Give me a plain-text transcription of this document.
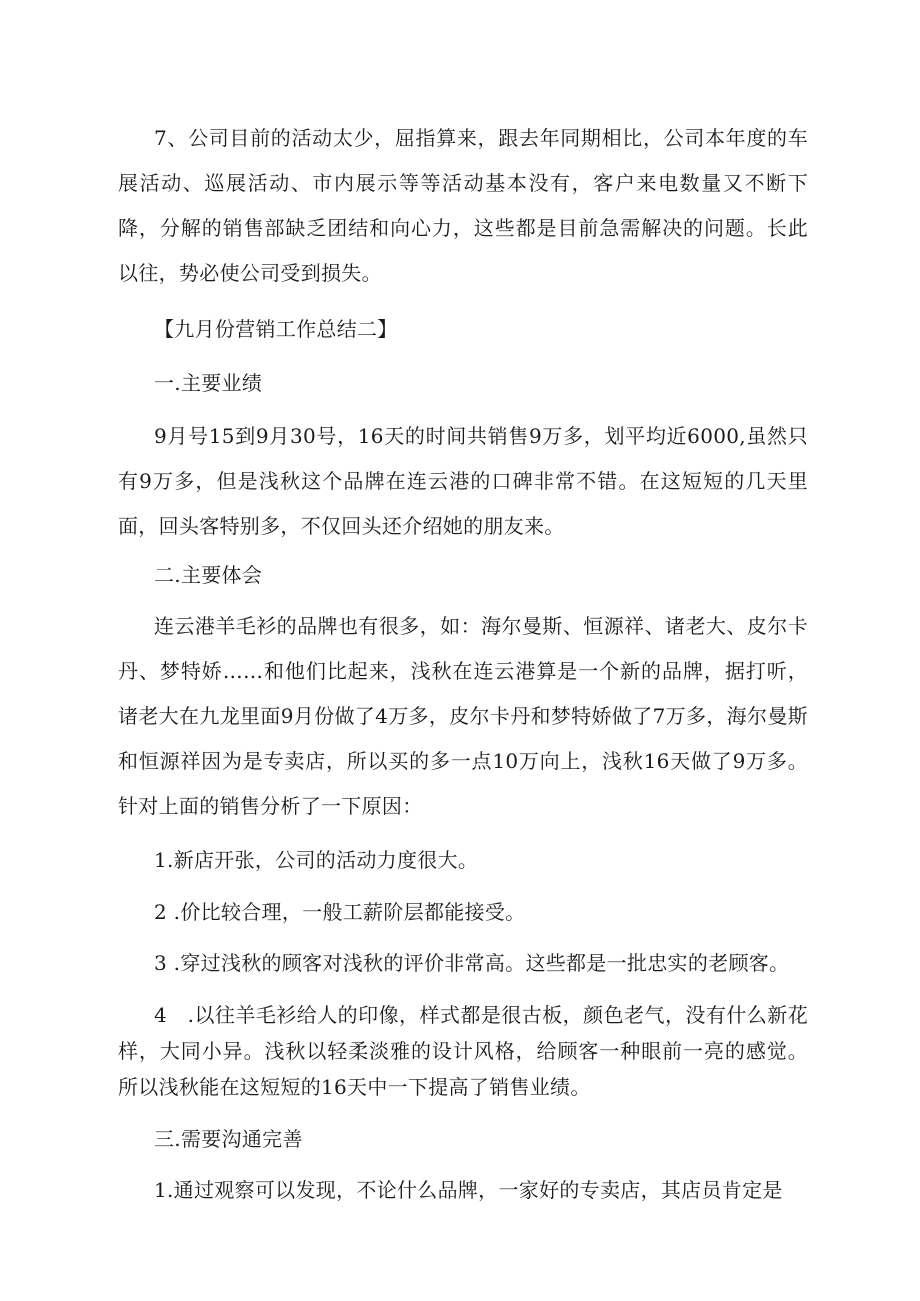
7、公司目前的活动太少，屈指算来，跟去年同期相比，公司本年度的车展活动、巡展活动、市内展示等等活动基本没有，客户来电数量又不断下降，分解的销售部缺乏团结和向心力，这些都是目前急需解决的问题。长此以往，势必使公司受到损失。

【九月份营销工作总结二】

一.主要业绩

9月号15到9月30号，16天的时间共销售9万多，划平均近6000,虽然只有9万多，但是浅秋这个品牌在连云港的口碑非常不错。在这短短的几天里面，回头客特别多，不仅回头还介绍她的朋友来。

二.主要体会

连云港羊毛衫的品牌也有很多，如：海尔曼斯、恒源祥、诸老大、皮尔卡丹、梦特娇……和他们比起来，浅秋在连云港算是一个新的品牌，据打听，诸老大在九龙里面9月份做了4万多，皮尔卡丹和梦特娇做了7万多，海尔曼斯和恒源祥因为是专卖店，所以买的多一点10万向上，浅秋16天做了9万多。针对上面的销售分析了一下原因：

1.新店开张，公司的活动力度很大。

2 .价比较合理，一般工薪阶层都能接受。

3 .穿过浅秋的顾客对浅秋的评价非常高。这些都是一批忠实的老顾客。

4　.以往羊毛衫给人的印像，样式都是很古板，颜色老气，没有什么新花样，大同小异。浅秋以轻柔淡雅的设计风格，给顾客一种眼前一亮的感觉。所以浅秋能在这短短的16天中一下提高了销售业绩。

三.需要沟通完善

1.通过观察可以发现，不论什么品牌，一家好的专卖店，其店员肯定是
